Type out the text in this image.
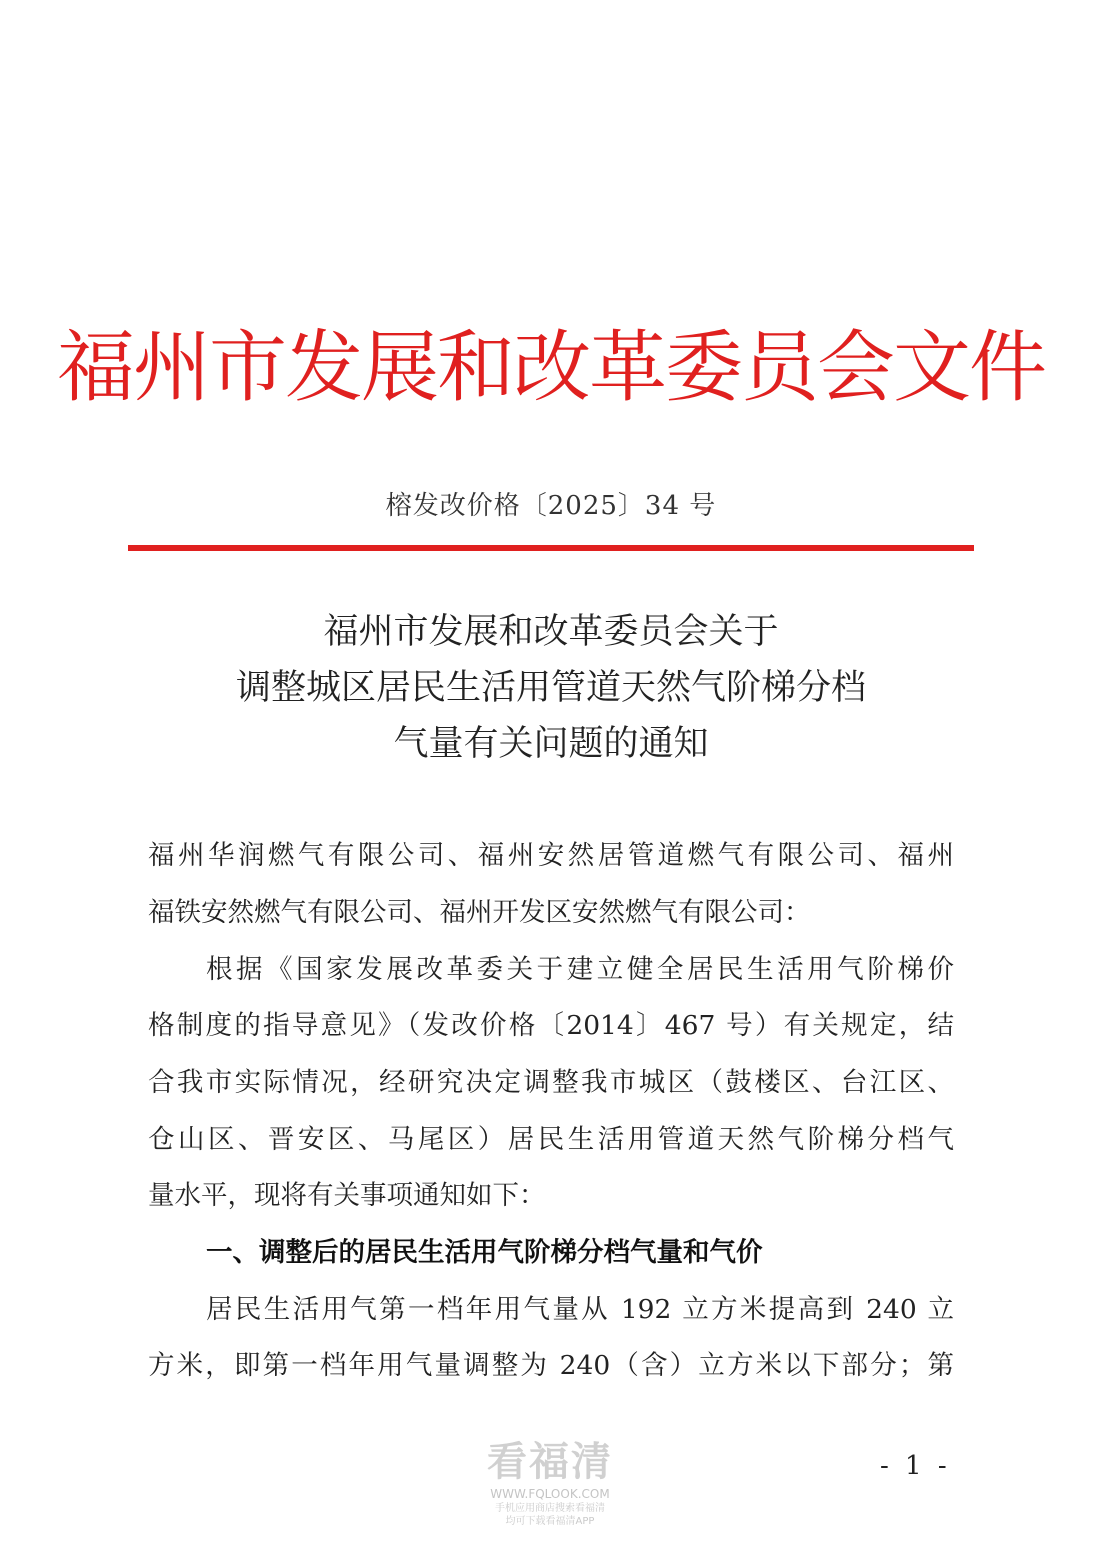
福州市发展和改革委员会文件
榕发改价格〔2025〕34 号
福州市发展和改革委员会关于
调整城区居民生活用管道天然气阶梯分档
气量有关问题的通知
福州华润燃气有限公司、福州安然居管道燃气有限公司、福州
福铁安然燃气有限公司、福州开发区安然燃气有限公司：
根据《国家发展改革委关于建立健全居民生活用气阶梯价
格制度的指导意见》（发改价格〔2014〕467 号）有关规定，结
合我市实际情况，经研究决定调整我市城区（鼓楼区、台江区、
仓山区、晋安区、马尾区）居民生活用管道天然气阶梯分档气
量水平，现将有关事项通知如下：
一、调整后的居民生活用气阶梯分档气量和气价
居民生活用气第一档年用气量从 192 立方米提高到 240 立
方米，即第一档年用气量调整为 240（含）立方米以下部分；第
看福清
WWW.FQLOOK.COM
手机应用商店搜索看福清
均可下载看福清APP
- 1 -
